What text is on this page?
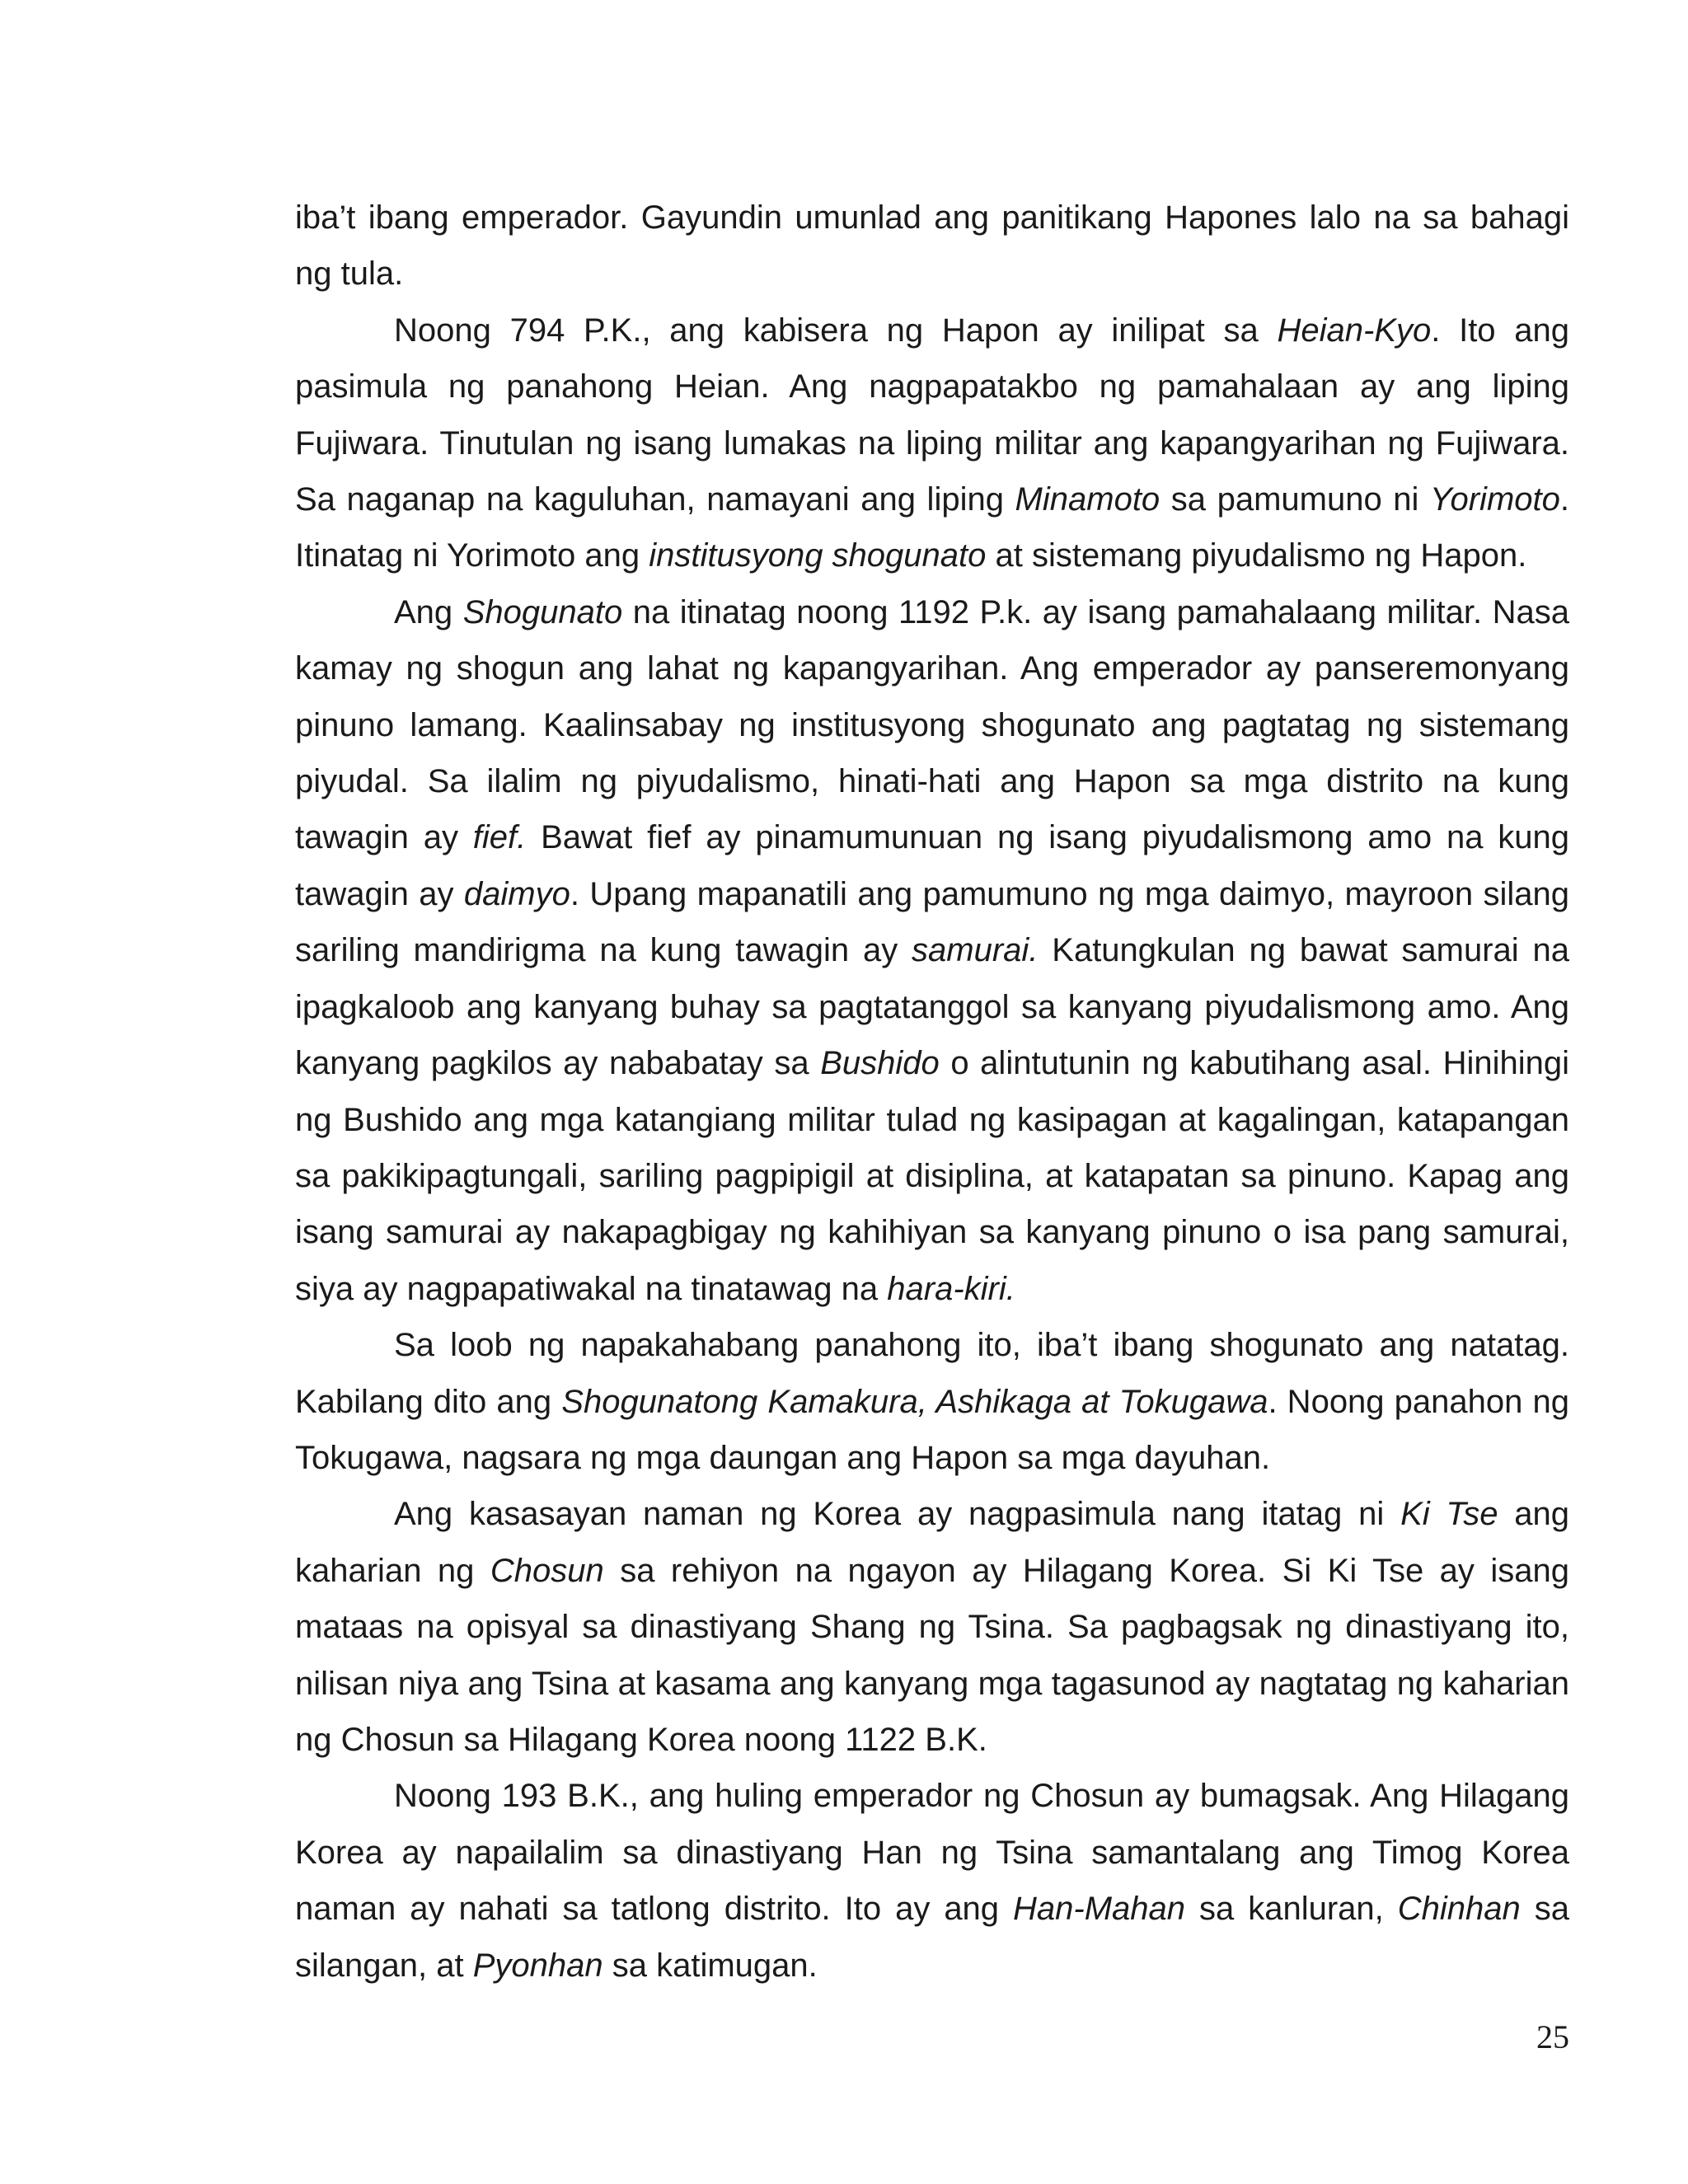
iba’t ibang emperador. Gayundin umunlad ang panitikang Hapones lalo na sa bahagi ng tula.

Noong 794 P.K., ang kabisera ng Hapon ay inilipat sa Heian-Kyo. Ito ang pasimula ng panahong Heian. Ang nagpapatakbo ng pamahalaan ay ang liping Fujiwara. Tinutulan ng isang lumakas na liping militar ang kapangyarihan ng Fujiwara. Sa naganap na kaguluhan, namayani ang liping Minamoto sa pamumuno ni Yorimoto. Itinatag ni Yorimoto ang institusyong shogunato at sistemang piyudalismo ng Hapon.

Ang Shogunato na itinatag noong 1192 P.k. ay isang pamahalaang militar. Nasa kamay ng shogun ang lahat ng kapangyarihan. Ang emperador ay panseremonyang pinuno lamang. Kaalinsabay ng institusyong shogunato ang pagtatag ng sistemang piyudal. Sa ilalim ng piyudalismo, hinati-hati ang Hapon sa mga distrito na kung tawagin ay fief. Bawat fief ay pinamumunuan ng isang piyudalismong amo na kung tawagin ay daimyo. Upang mapanatili ang pamumuno ng mga daimyo, mayroon silang sariling mandirigma na kung tawagin ay samurai. Katungkulan ng bawat samurai na ipagkaloob ang kanyang buhay sa pagtatanggol sa kanyang piyudalismong amo. Ang kanyang pagkilos ay nababatay sa Bushido o alintutunin ng kabutihang asal. Hinihingi ng Bushido ang mga katangiang militar tulad ng kasipagan at kagalingan, katapangan sa pakikipagtungali, sariling pagpipigil at disiplina, at katapatan sa pinuno. Kapag ang isang samurai ay nakapagbigay ng kahihiyan sa kanyang pinuno o isa pang samurai, siya ay nagpapatiwakal na tinatawag na hara-kiri.

Sa loob ng napakahabang panahong ito, iba’t ibang shogunato ang natatag. Kabilang dito ang Shogunatong Kamakura, Ashikaga at Tokugawa. Noong panahon ng Tokugawa, nagsara ng mga daungan ang Hapon sa mga dayuhan.

Ang kasasayan naman ng Korea ay nagpasimula nang itatag ni Ki Tse ang kaharian ng Chosun sa rehiyon na ngayon ay Hilagang Korea. Si Ki Tse ay isang mataas na opisyal sa dinastiyang Shang ng Tsina. Sa pagbagsak ng dinastiyang ito, nilisan niya ang Tsina at kasama ang kanyang mga tagasunod ay nagtatag ng kaharian ng Chosun sa Hilagang Korea noong 1122 B.K.

Noong 193 B.K., ang huling emperador ng Chosun ay bumagsak. Ang Hilagang Korea ay napailalim sa dinastiyang Han ng Tsina samantalang ang Timog Korea naman ay nahati sa tatlong distrito. Ito ay ang Han-Mahan sa kanluran, Chinhan sa silangan, at Pyonhan sa katimugan.

25
